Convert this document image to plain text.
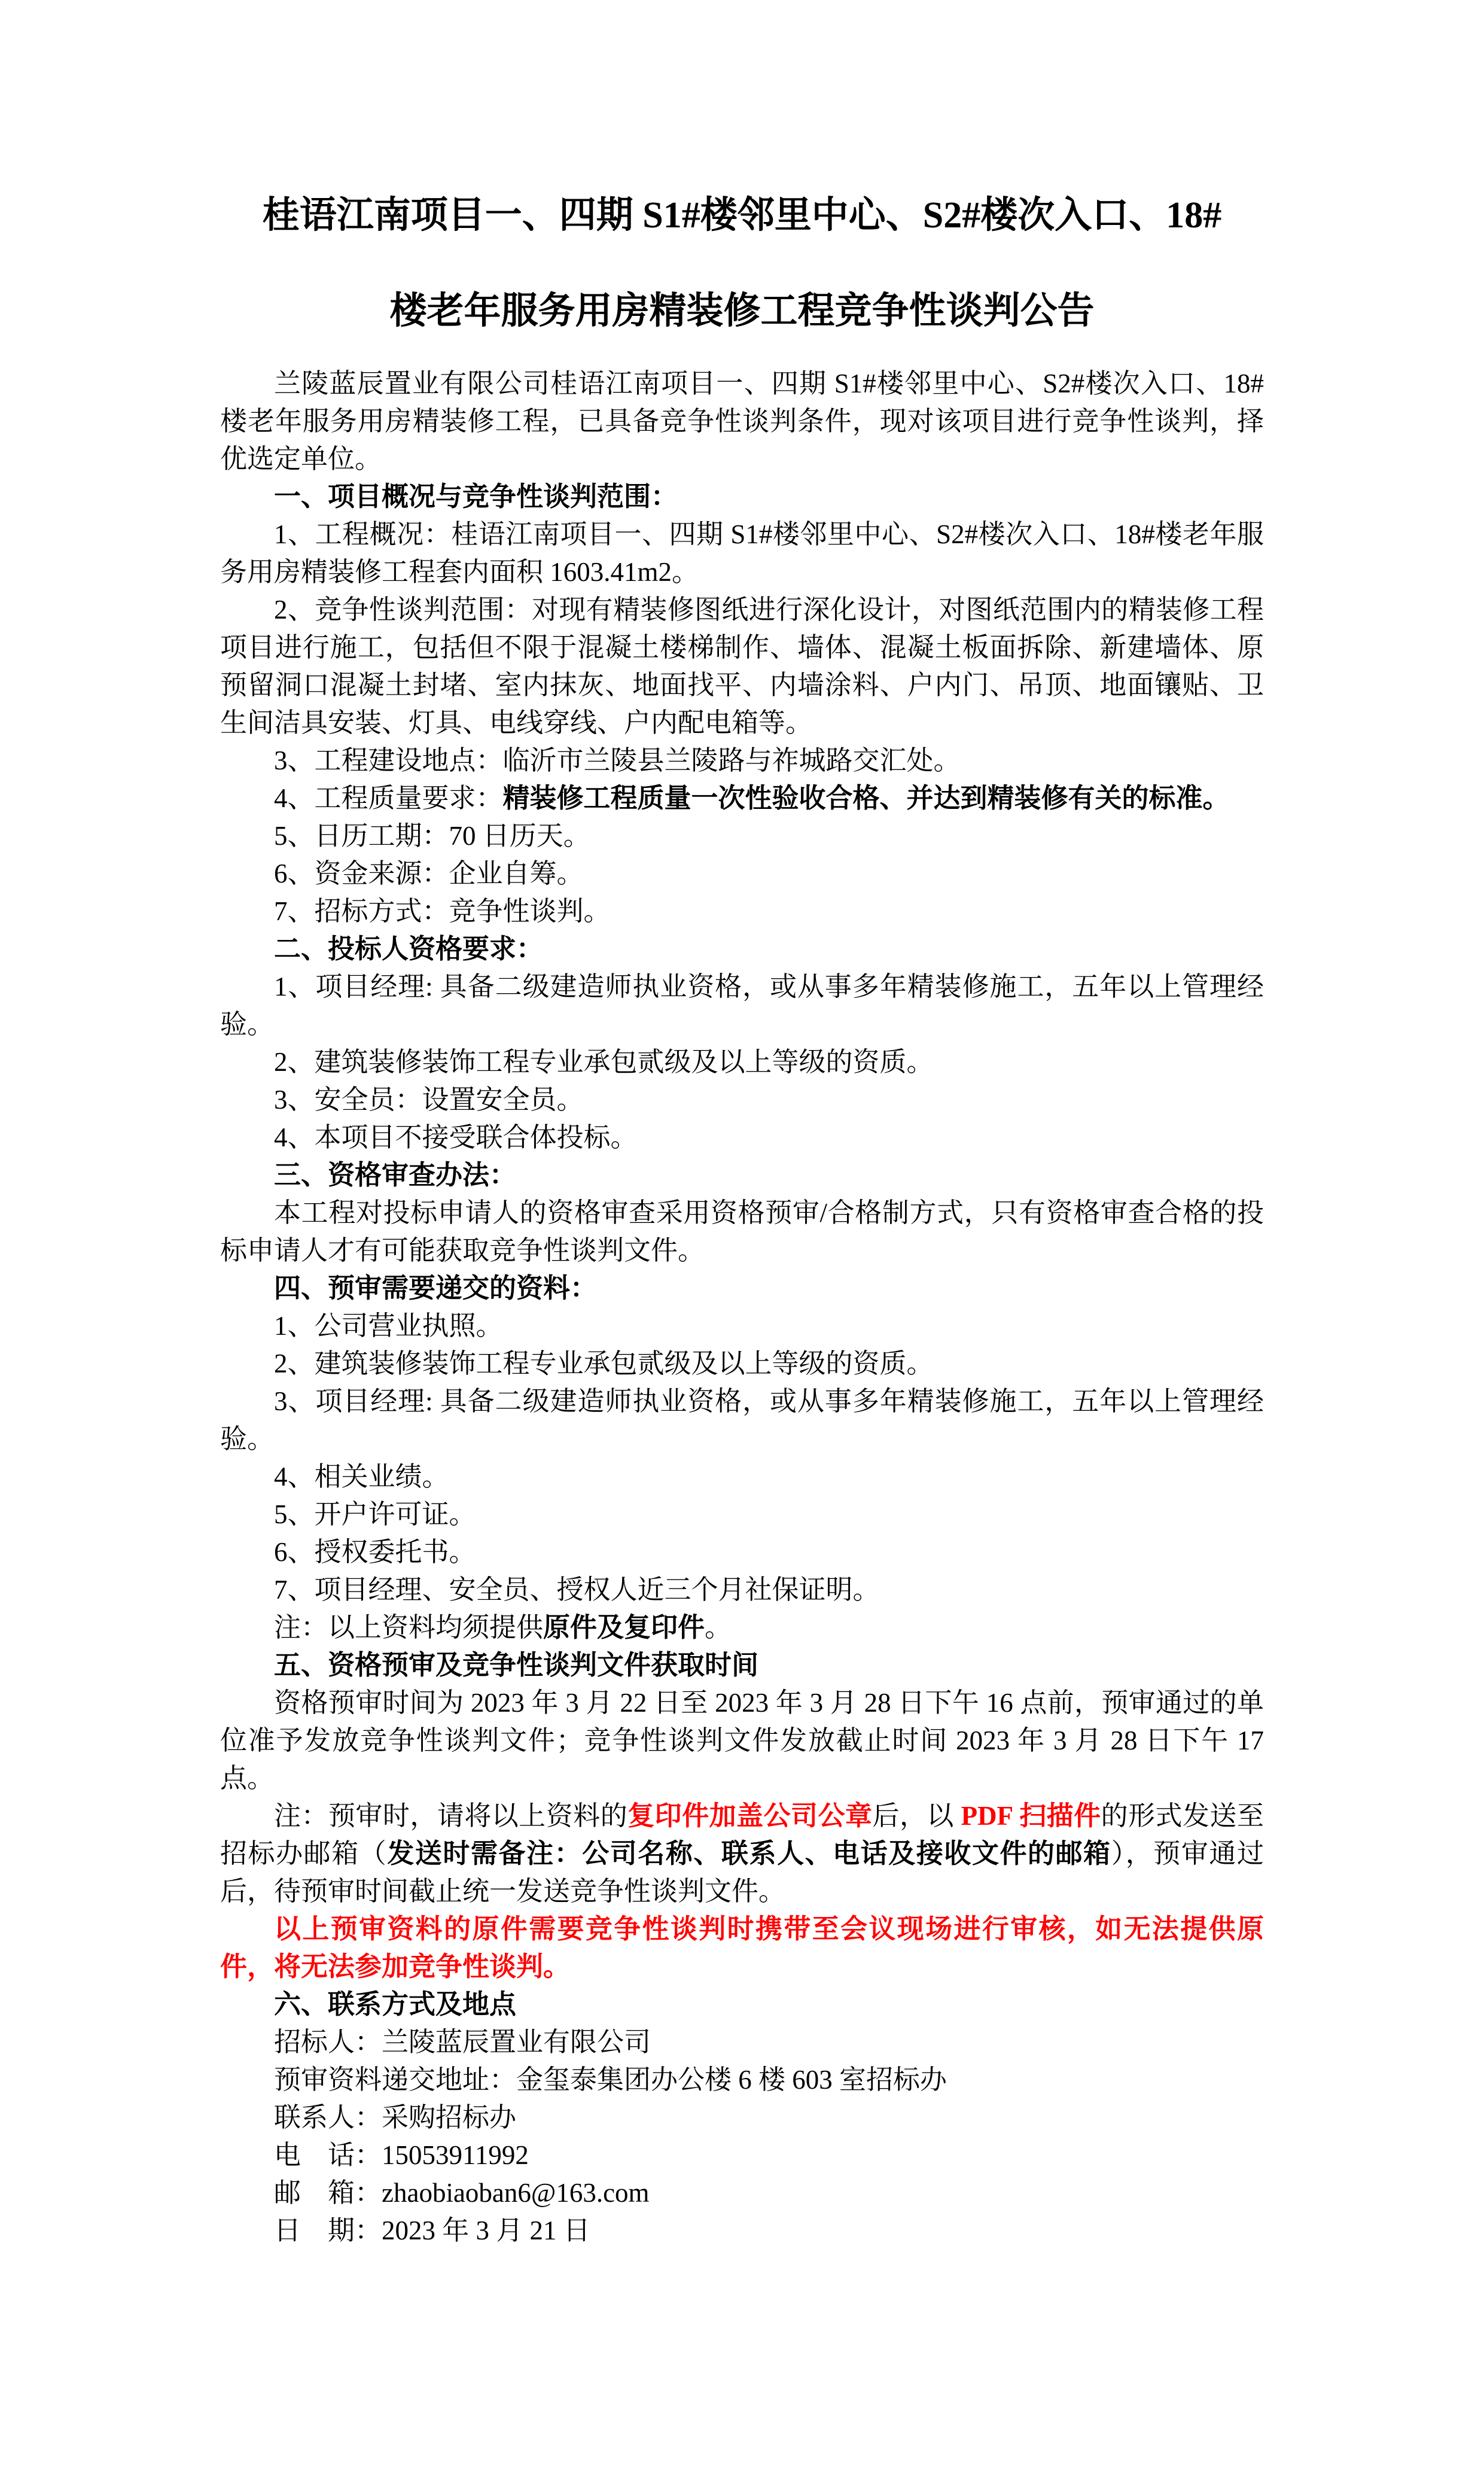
桂语江南项目一、四期 S1#楼邻里中心、S2#楼次入口、18#
楼老年服务用房精装修工程竞争性谈判公告
兰陵蓝辰置业有限公司桂语江南项目一、四期 S1#楼邻里中心、S2#楼次入口、18#楼老年服务用房精装修工程，已具备竞争性谈判条件，现对该项目进行竞争性谈判，择优选定单位。
一、项目概况与竞争性谈判范围：
1、工程概况：桂语江南项目一、四期 S1#楼邻里中心、S2#楼次入口、18#楼老年服务用房精装修工程套内面积 1603.41m2。
2、竞争性谈判范围：对现有精装修图纸进行深化设计，对图纸范围内的精装修工程项目进行施工，包括但不限于混凝土楼梯制作、墙体、混凝土板面拆除、新建墙体、原预留洞口混凝土封堵、室内抹灰、地面找平、内墙涂料、户内门、吊顶、地面镶贴、卫生间洁具安装、灯具、电线穿线、户内配电箱等。
3、工程建设地点：临沂市兰陵县兰陵路与祚城路交汇处。
4、工程质量要求：精装修工程质量一次性验收合格、并达到精装修有关的标准。
5、日历工期：70 日历天。
6、资金来源：企业自筹。
7、招标方式：竞争性谈判。
二、投标人资格要求：
1、项目经理: 具备二级建造师执业资格，或从事多年精装修施工，五年以上管理经验。
2、建筑装修装饰工程专业承包贰级及以上等级的资质。
3、安全员：设置安全员。
4、本项目不接受联合体投标。
三、资格审查办法：
本工程对投标申请人的资格审查采用资格预审/合格制方式，只有资格审查合格的投标申请人才有可能获取竞争性谈判文件。
四、预审需要递交的资料：
1、公司营业执照。
2、建筑装修装饰工程专业承包贰级及以上等级的资质。
3、项目经理: 具备二级建造师执业资格，或从事多年精装修施工，五年以上管理经验。
4、相关业绩。
5、开户许可证。
6、授权委托书。
7、项目经理、安全员、授权人近三个月社保证明。
注：以上资料均须提供原件及复印件。
五、资格预审及竞争性谈判文件获取时间
资格预审时间为 2023 年 3 月 22 日至 2023 年 3 月 28 日下午 16 点前，预审通过的单位准予发放竞争性谈判文件；竞争性谈判文件发放截止时间 2023 年 3 月 28 日下午 17 点。
注：预审时，请将以上资料的复印件加盖公司公章后，以 PDF 扫描件的形式发送至招标办邮箱（发送时需备注：公司名称、联系人、电话及接收文件的邮箱），预审通过后，待预审时间截止统一发送竞争性谈判文件。
以上预审资料的原件需要竞争性谈判时携带至会议现场进行审核，如无法提供原件，将无法参加竞争性谈判。
六、联系方式及地点
招标人：兰陵蓝辰置业有限公司
预审资料递交地址：金玺泰集团办公楼 6 楼 603 室招标办
联系人：采购招标办
电　话：15053911992
邮　箱：zhaobiaoban6@163.com
日　期：2023 年 3 月 21 日
